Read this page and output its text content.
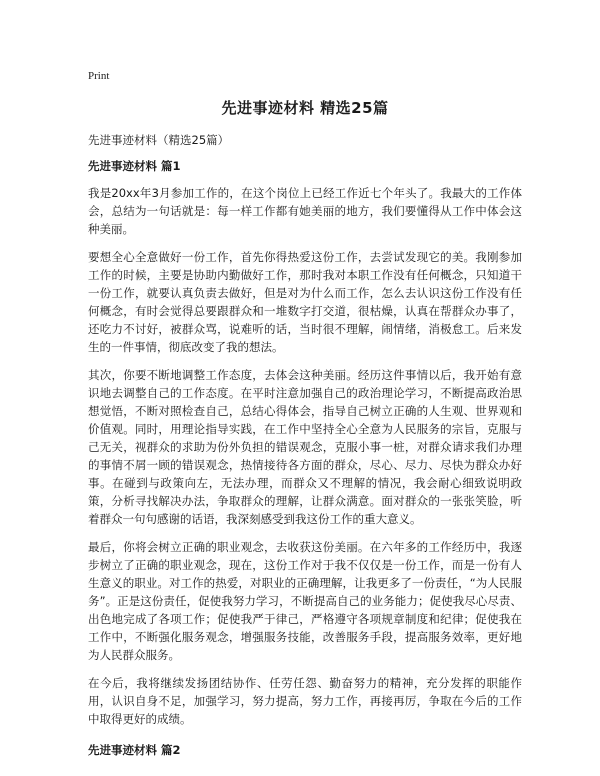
Print
先进事迹材料 精选25篇
先进事迹材料（精选25篇）
先进事迹材料 篇1

我是20xx年3月参加工作的，在这个岗位上已经工作近七个年头了。我最大的工作体会，总结为一句话就是：每一样工作都有她美丽的地方，我们要懂得从工作中体会这种美丽。

要想全心全意做好一份工作，首先你得热爱这份工作，去尝试发现它的美。我刚参加工作的时候，主要是协助内勤做好工作，那时我对本职工作没有任何概念，只知道干一份工作，就要认真负责去做好，但是对为什么而工作，怎么去认识这份工作没有任何概念，有时会觉得总要跟群众和一堆数字打交道，很枯燥，认真在帮群众办事了，还吃力不讨好，被群众骂，说难听的话，当时很不理解，闹情绪，消极怠工。后来发生的一件事情，彻底改变了我的想法。

其次，你要不断地调整工作态度，去体会这种美丽。经历这件事情以后，我开始有意识地去调整自己的工作态度。在平时注意加强自己的政治理论学习，不断提高政治思想觉悟，不断对照检查自己，总结心得体会，指导自己树立正确的人生观、世界观和价值观。同时，用理论指导实践，在工作中坚持全心全意为人民服务的宗旨，克服与己无关，视群众的求助为份外负担的错误观念，克服小事一桩，对群众请求我们办理的事情不屑一顾的错误观念，热情接待各方面的群众，尽心、尽力、尽快为群众办好事。在碰到与政策向左，无法办理，而群众又不理解的情况，我会耐心细致说明政策，分析寻找解决办法，争取群众的理解，让群众满意。面对群众的一张张笑脸，听着群众一句句感谢的话语，我深刻感受到我这份工作的重大意义。

最后，你将会树立正确的职业观念，去收获这份美丽。在六年多的工作经历中，我逐步树立了正确的职业观念，现在，这份工作对于我不仅仅是一份工作，而是一份有人生意义的职业。对工作的热爱，对职业的正确理解，让我更多了一份责任，“为人民服务”。正是这份责任，促使我努力学习，不断提高自己的业务能力；促使我尽心尽责、出色地完成了各项工作；促使我严于律己，严格遵守各项规章制度和纪律；促使我在工作中，不断强化服务观念，增强服务技能，改善服务手段，提高服务效率，更好地为人民群众服务。

在今后，我将继续发扬团结协作、任劳任怨、勤奋努力的精神，充分发挥的职能作用，认识自身不足，加强学习，努力提高，努力工作，再接再厉，争取在今后的工作中取得更好的成绩。

先进事迹材料 篇2
